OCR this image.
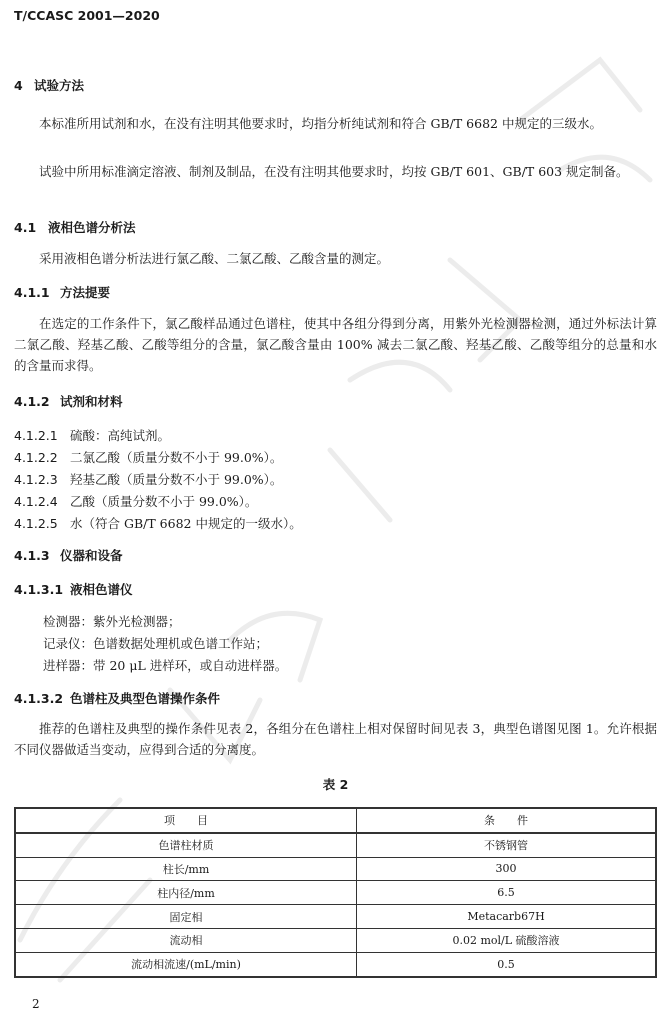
T/CCASC 2001—2020
4 试验方法
本标准所用试剂和水，在没有注明其他要求时，均指分析纯试剂和符合 GB/T 6682 中规定的三级水。
试验中所用标准滴定溶液、制剂及制品，在没有注明其他要求时，均按 GB/T 601、GB/T 603 规定制备。
4.1 液相色谱分析法
采用液相色谱分析法进行氯乙酸、二氯乙酸、乙酸含量的测定。
4.1.1 方法提要
在选定的工作条件下，氯乙酸样品通过色谱柱，使其中各组分得到分离，用紫外光检测器检测，通过外标法计算二氯乙酸、羟基乙酸、乙酸等组分的含量，氯乙酸含量由 100% 减去二氯乙酸、羟基乙酸、乙酸等组分的总量和水的含量而求得。
4.1.2 试剂和材料
4.1.2.1 硫酸：高纯试剂。
4.1.2.2 二氯乙酸（质量分数不小于 99.0%）。
4.1.2.3 羟基乙酸（质量分数不小于 99.0%）。
4.1.2.4 乙酸（质量分数不小于 99.0%）。
4.1.2.5 水（符合 GB/T 6682 中规定的一级水）。
4.1.3 仪器和设备
4.1.3.1 液相色谱仪
检测器：紫外光检测器；
记录仪：色谱数据处理机或色谱工作站；
进样器：带 20 μL 进样环，或自动进样器。
4.1.3.2 色谱柱及典型色谱操作条件
推荐的色谱柱及典型的操作条件见表 2，各组分在色谱柱上相对保留时间见表 3，典型色谱图见图 1。允许根据不同仪器做适当变动，应得到合适的分离度。
表 2
项　　目	条　　件
色谱柱材质	不锈钢管
柱长/mm	300
柱内径/mm	6.5
固定相	Metacarb67H
流动相	0.02 mol/L 硫酸溶液
流动相流速/(mL/min)	0.5
2
